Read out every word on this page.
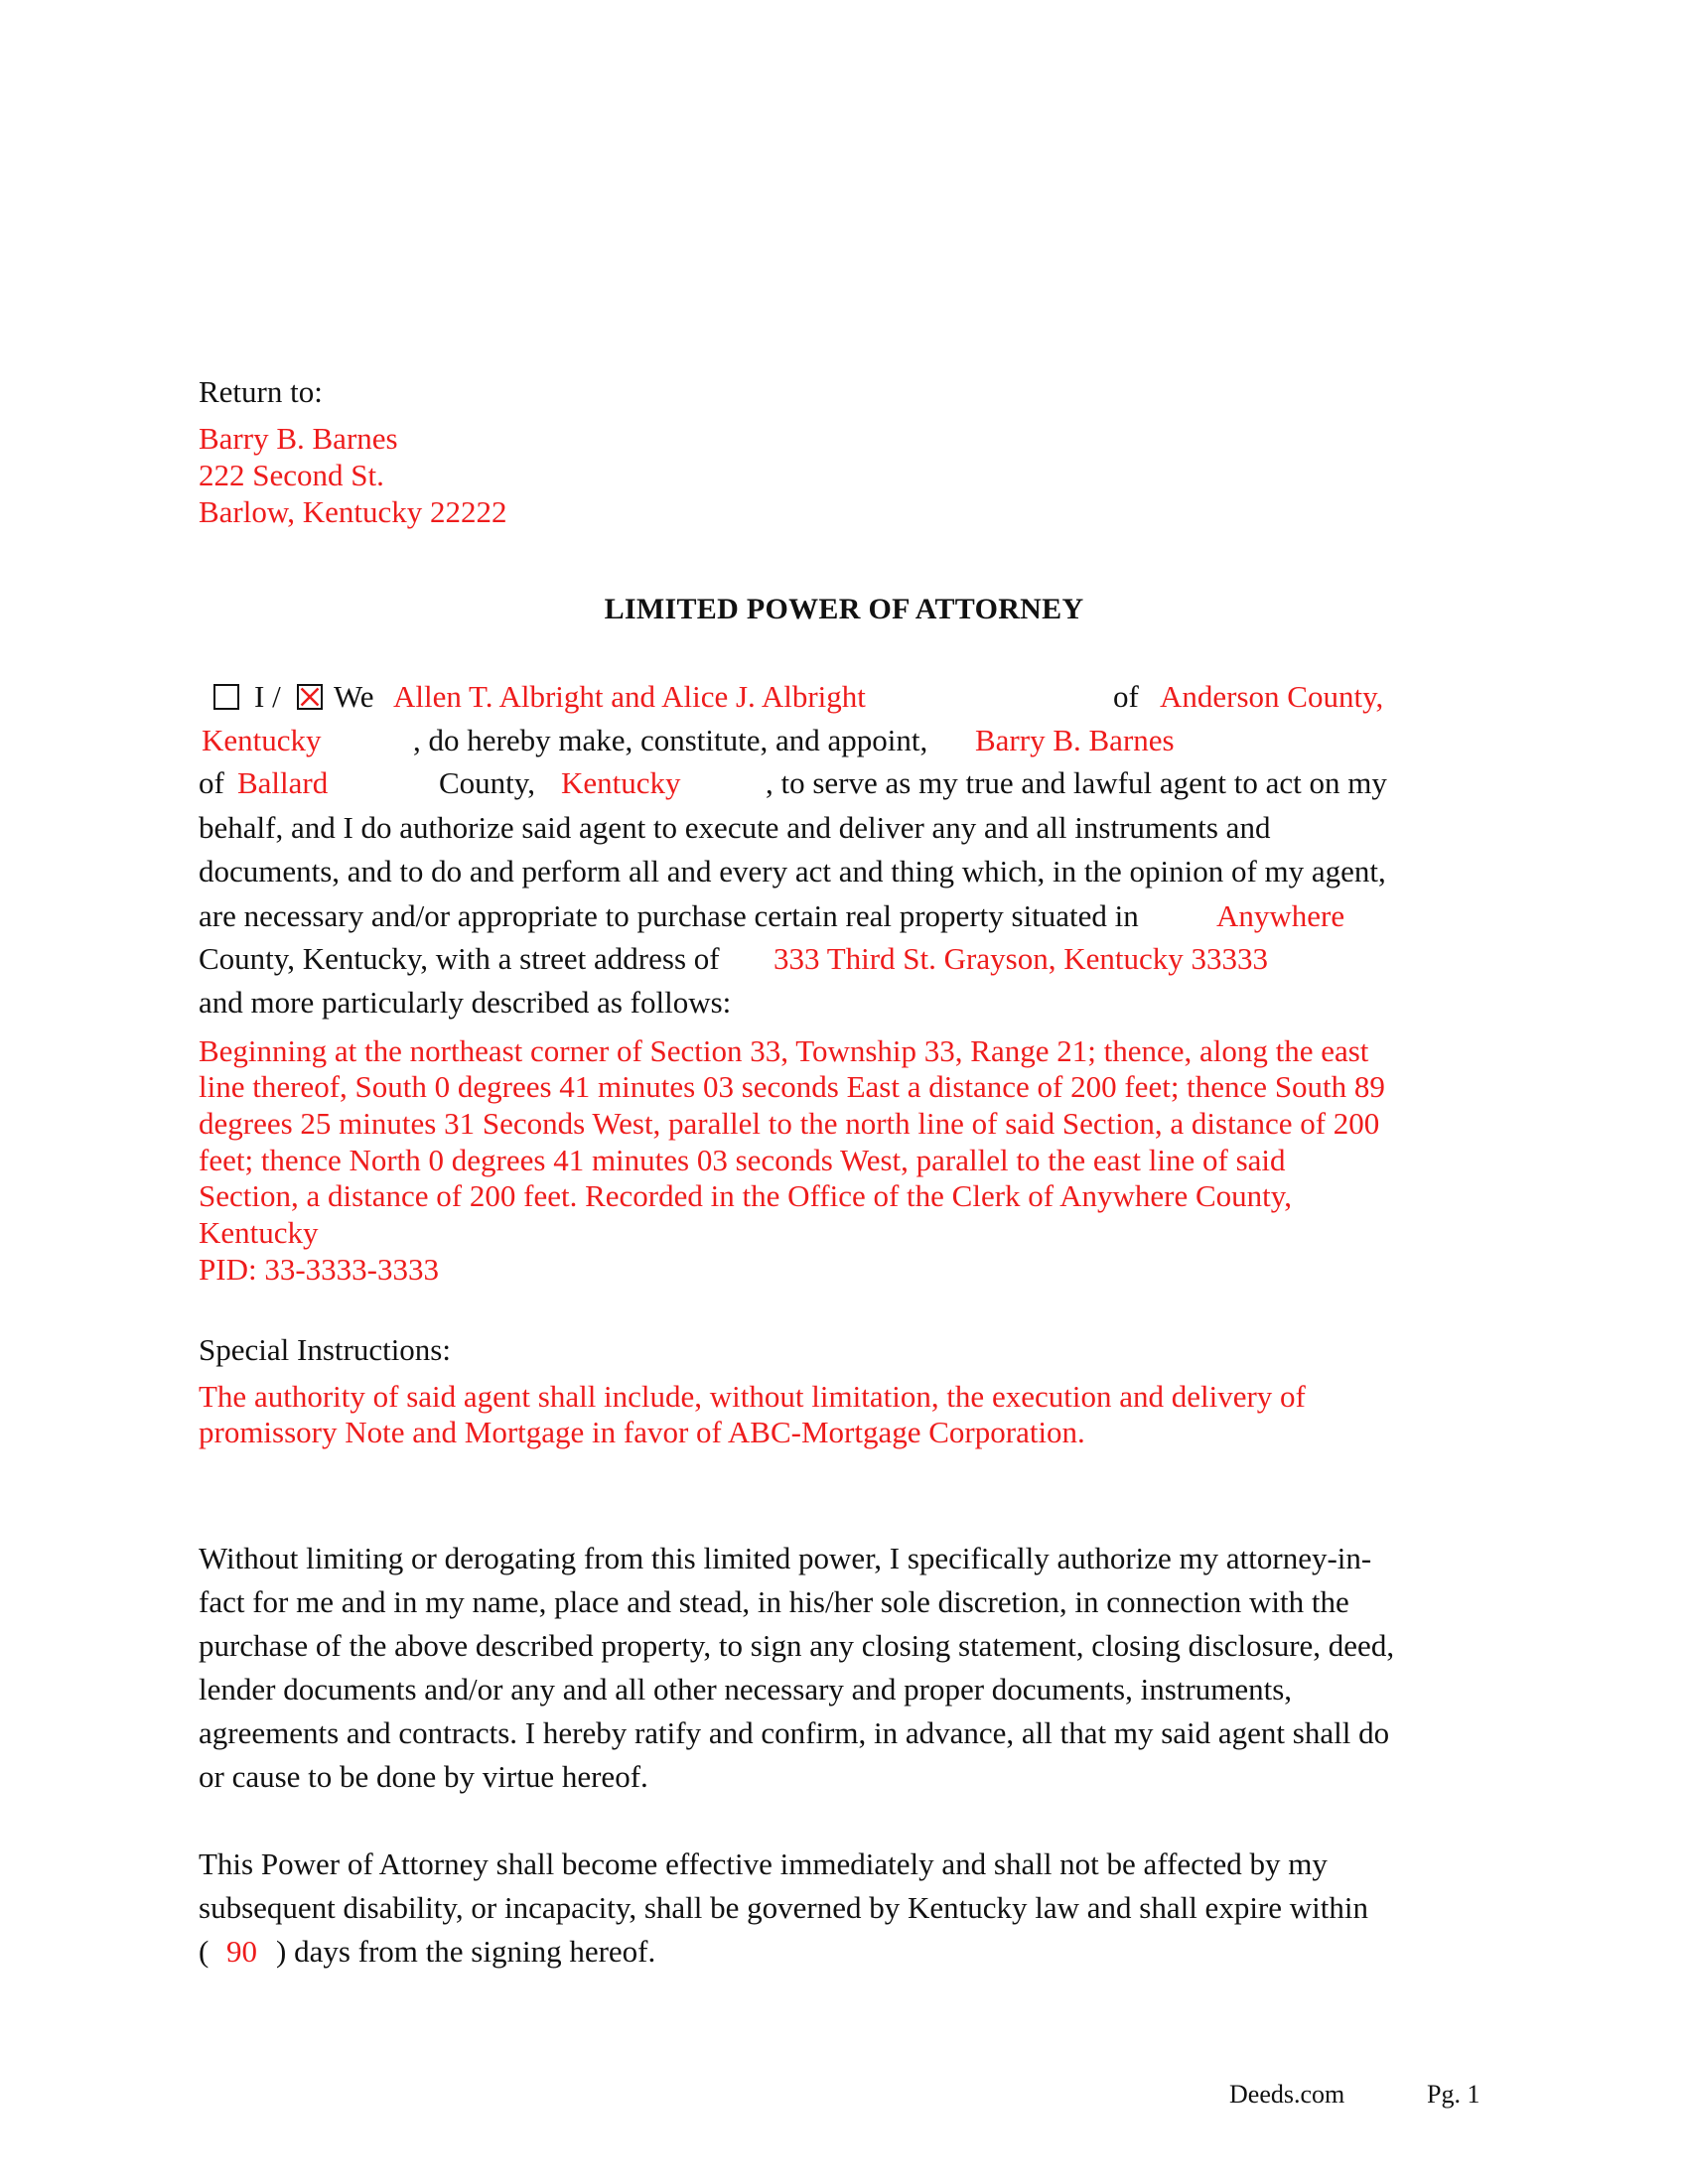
Return to:
Barry B. Barnes
222 Second St.
Barlow, Kentucky 22222
LIMITED POWER OF ATTORNEY
I / We Allen T. Albright and Alice J. Albright	of Anderson County,
Kentucky	, do hereby make, constitute, and appoint, Barry B. Barnes
of Ballard	County, Kentucky	, to serve as my true and lawful agent to act on my
behalf, and I do authorize said agent to execute and deliver any and all instruments and
documents, and to do and perform all and every act and thing which, in the opinion of my agent,
are necessary and/or appropriate to purchase certain real property situated in	Anywhere
County, Kentucky, with a street address of 333 Third St. Grayson, Kentucky 33333
and more particularly described as follows:
Beginning at the northeast corner of Section 33, Township 33, Range 21; thence, along the east
line thereof, South 0 degrees 41 minutes 03 seconds East a distance of 200 feet; thence South 89
degrees 25 minutes 31 Seconds West, parallel to the north line of said Section, a distance of 200
feet; thence North 0 degrees 41 minutes 03 seconds West, parallel to the east line of said
Section, a distance of 200 feet. Recorded in the Office of the Clerk of Anywhere County,
Kentucky
PID: 33-3333-3333
Special Instructions:
The authority of said agent shall include, without limitation, the execution and delivery of
promissory Note and Mortgage in favor of ABC-Mortgage Corporation.
Without limiting or derogating from this limited power, I specifically authorize my attorney-in-
fact for me and in my name, place and stead, in his/her sole discretion, in connection with the
purchase of the above described property, to sign any closing statement, closing disclosure, deed,
lender documents and/or any and all other necessary and proper documents, instruments,
agreements and contracts. I hereby ratify and confirm, in advance, all that my said agent shall do
or cause to be done by virtue hereof.
This Power of Attorney shall become effective immediately and shall not be affected by my
subsequent disability, or incapacity, shall be governed by Kentucky law and shall expire within
( 90 ) days from the signing hereof.
Deeds.com	Pg. 1
